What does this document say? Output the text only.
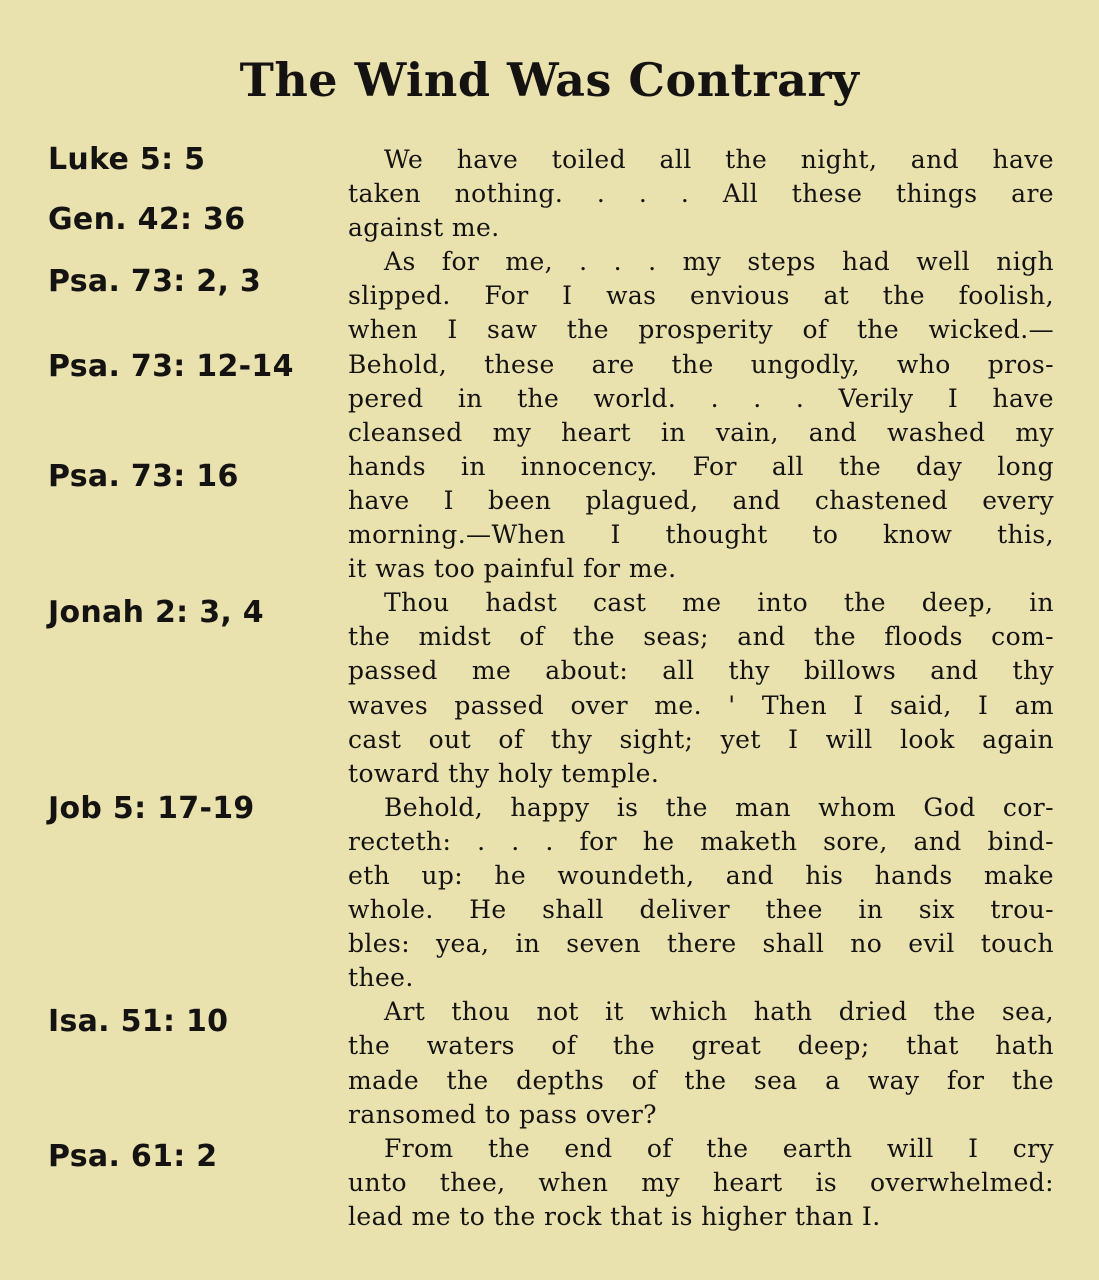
The Wind Was Contrary
Luke 5: 5
Gen. 42: 36
Psa. 73: 2, 3
Psa. 73: 12-14
Psa. 73: 16
Jonah 2: 3, 4
Job 5: 17-19
Isa. 51: 10
Psa. 61: 2
We have toiled all the night, and have
taken nothing. . . . All these things are
against me.
As for me, . . . my steps had well nigh
slipped. For I was envious at the foolish,
when I saw the prosperity of the wicked.—
Behold, these are the ungodly, who pros-
pered in the world. . . . Verily I have
cleansed my heart in vain, and washed my
hands in innocency. For all the day long
have I been plagued, and chastened every
morning.—When I thought to know this,
it was too painful for me.
Thou hadst cast me into the deep, in
the midst of the seas; and the floods com-
passed me about: all thy billows and thy
waves passed over me. ' Then I said, I am
cast out of thy sight; yet I will look again
toward thy holy temple.
Behold, happy is the man whom God cor-
recteth: . . . for he maketh sore, and bind-
eth up: he woundeth, and his hands make
whole. He shall deliver thee in six trou-
bles: yea, in seven there shall no evil touch
thee.
Art thou not it which hath dried the sea,
the waters of the great deep; that hath
made the depths of the sea a way for the
ransomed to pass over?
From the end of the earth will I cry
unto thee, when my heart is overwhelmed:
lead me to the rock that is higher than I.
